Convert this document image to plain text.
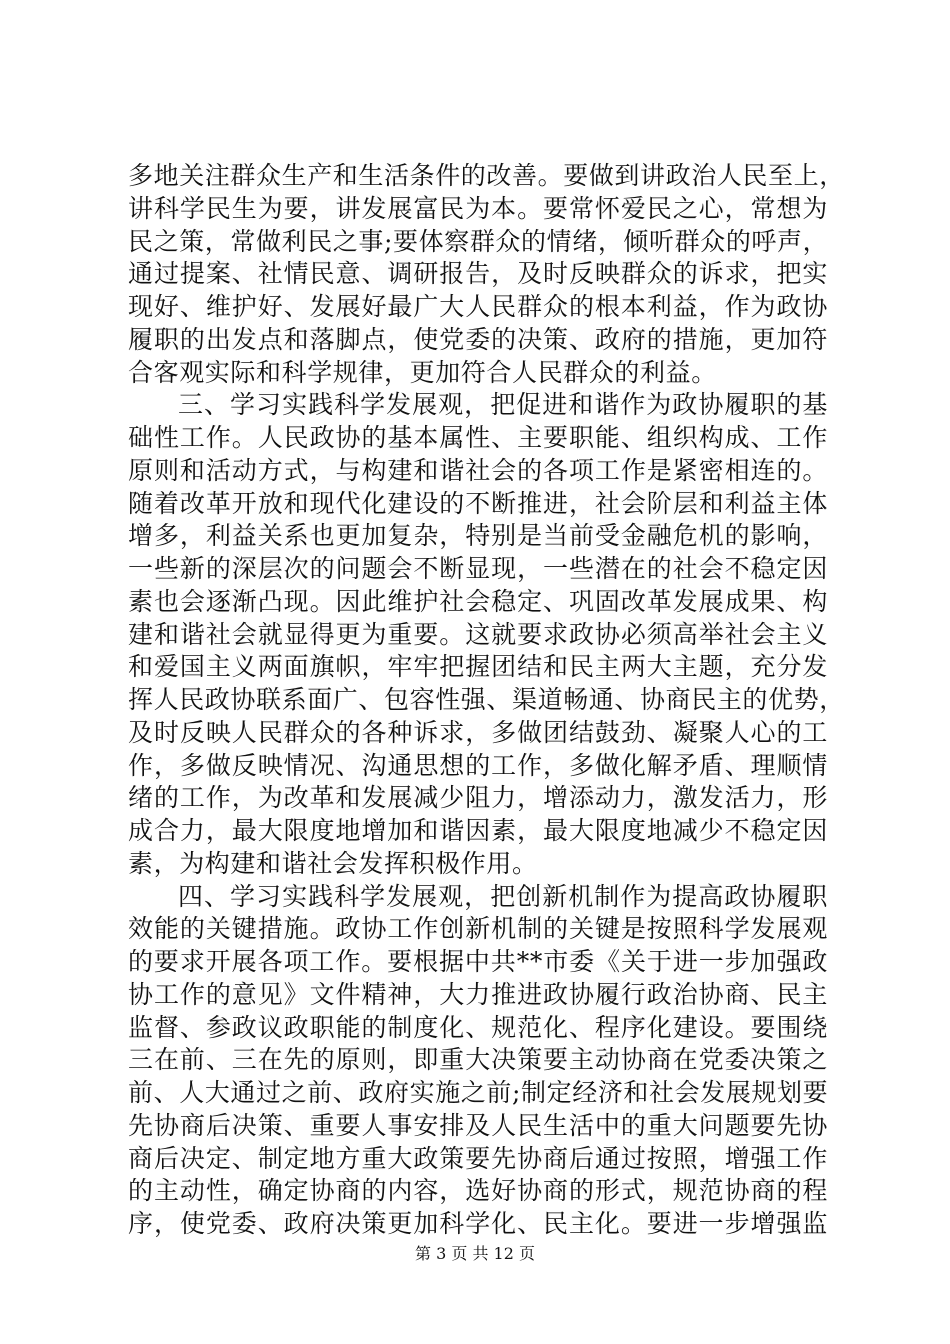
多地关注群众生产和生活条件的改善。要做到讲政治人民至上，
讲科学民生为要，讲发展富民为本。要常怀爱民之心，常想为
民之策，常做利民之事;要体察群众的情绪，倾听群众的呼声，
通过提案、社情民意、调研报告，及时反映群众的诉求，把实
现好、维护好、发展好最广大人民群众的根本利益，作为政协
履职的出发点和落脚点，使党委的决策、政府的措施，更加符
合客观实际和科学规律，更加符合人民群众的利益。
三、学习实践科学发展观，把促进和谐作为政协履职的基
础性工作。人民政协的基本属性、主要职能、组织构成、工作
原则和活动方式，与构建和谐社会的各项工作是紧密相连的。
随着改革开放和现代化建设的不断推进，社会阶层和利益主体
增多，利益关系也更加复杂，特别是当前受金融危机的影响，
一些新的深层次的问题会不断显现，一些潜在的社会不稳定因
素也会逐渐凸现。因此维护社会稳定、巩固改革发展成果、构
建和谐社会就显得更为重要。这就要求政协必须高举社会主义
和爱国主义两面旗帜，牢牢把握团结和民主两大主题，充分发
挥人民政协联系面广、包容性强、渠道畅通、协商民主的优势，
及时反映人民群众的各种诉求，多做团结鼓劲、凝聚人心的工
作，多做反映情况、沟通思想的工作，多做化解矛盾、理顺情
绪的工作，为改革和发展减少阻力，增添动力，激发活力，形
成合力，最大限度地增加和谐因素，最大限度地减少不稳定因
素，为构建和谐社会发挥积极作用。
四、学习实践科学发展观，把创新机制作为提高政协履职
效能的关键措施。政协工作创新机制的关键是按照科学发展观
的要求开展各项工作。要根据中共**市委《关于进一步加强政
协工作的意见》文件精神，大力推进政协履行政治协商、民主
监督、参政议政职能的制度化、规范化、程序化建设。要围绕
三在前、三在先的原则，即重大决策要主动协商在党委决策之
前、人大通过之前、政府实施之前;制定经济和社会发展规划要
先协商后决策、重要人事安排及人民生活中的重大问题要先协
商后决定、制定地方重大政策要先协商后通过按照，增强工作
的主动性，确定协商的内容，选好协商的形式，规范协商的程
序，使党委、政府决策更加科学化、民主化。要进一步增强监
第 3 页 共 12 页
